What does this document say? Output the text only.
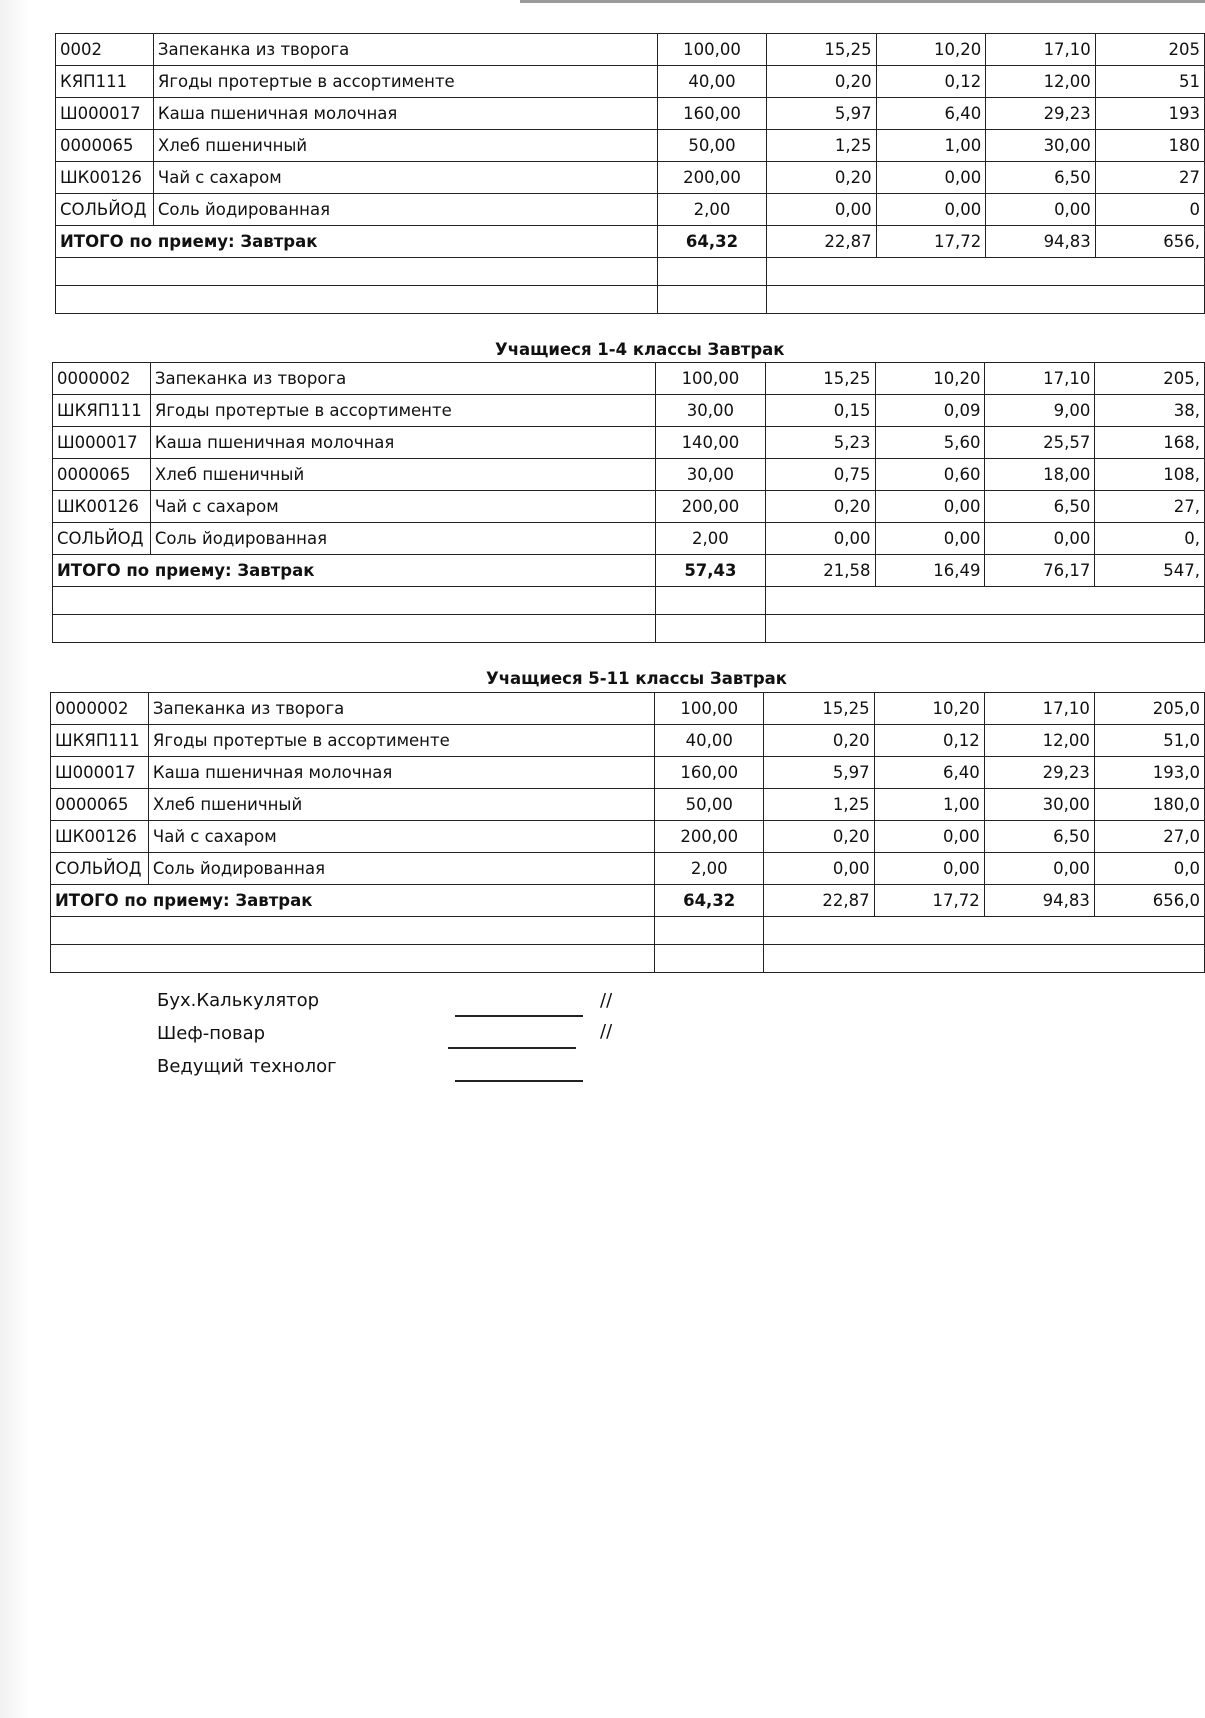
Учащиеся 1-4 классы Завтрак
Учащиеся 5-11 классы Завтрак
0002	Запеканка из творога	100,00	15,25	10,20	17,10	205
КЯП111	Ягоды протертые в ассортименте	40,00	0,20	0,12	12,00	51
Ш000017	Каша пшеничная молочная	160,00	5,97	6,40	29,23	193
0000065	Хлеб пшеничный	50,00	1,25	1,00	30,00	180
ШК00126	Чай с сахаром	200,00	0,20	0,00	6,50	27
СОЛЬЙОД	Соль йодированная	2,00	0,00	0,00	0,00	0
ИТОГО по приему: Завтрак		64,32	22,87	17,72	94,83	656,

0000002	Запеканка из творога	100,00	15,25	10,20	17,10	205,
ШКЯП111	Ягоды протертые в ассортименте	30,00	0,15	0,09	9,00	38,
Ш000017	Каша пшеничная молочная	140,00	5,23	5,60	25,57	168,
0000065	Хлеб пшеничный	30,00	0,75	0,60	18,00	108,
ШК00126	Чай с сахаром	200,00	0,20	0,00	6,50	27,
СОЛЬЙОД	Соль йодированная	2,00	0,00	0,00	0,00	0,
ИТОГО по приему: Завтрак		57,43	21,58	16,49	76,17	547,

0000002	Запеканка из творога	100,00	15,25	10,20	17,10	205,0
ШКЯП111	Ягоды протертые в ассортименте	40,00	0,20	0,12	12,00	51,0
Ш000017	Каша пшеничная молочная	160,00	5,97	6,40	29,23	193,0
0000065	Хлеб пшеничный	50,00	1,25	1,00	30,00	180,0
ШК00126	Чай с сахаром	200,00	0,20	0,00	6,50	27,0
СОЛЬЙОД	Соль йодированная	2,00	0,00	0,00	0,00	0,0
ИТОГО по приему: Завтрак		64,32	22,87	17,72	94,83	656,0

Бух.Калькулятор	//
Шеф-повар	//
Ведущий технолог
